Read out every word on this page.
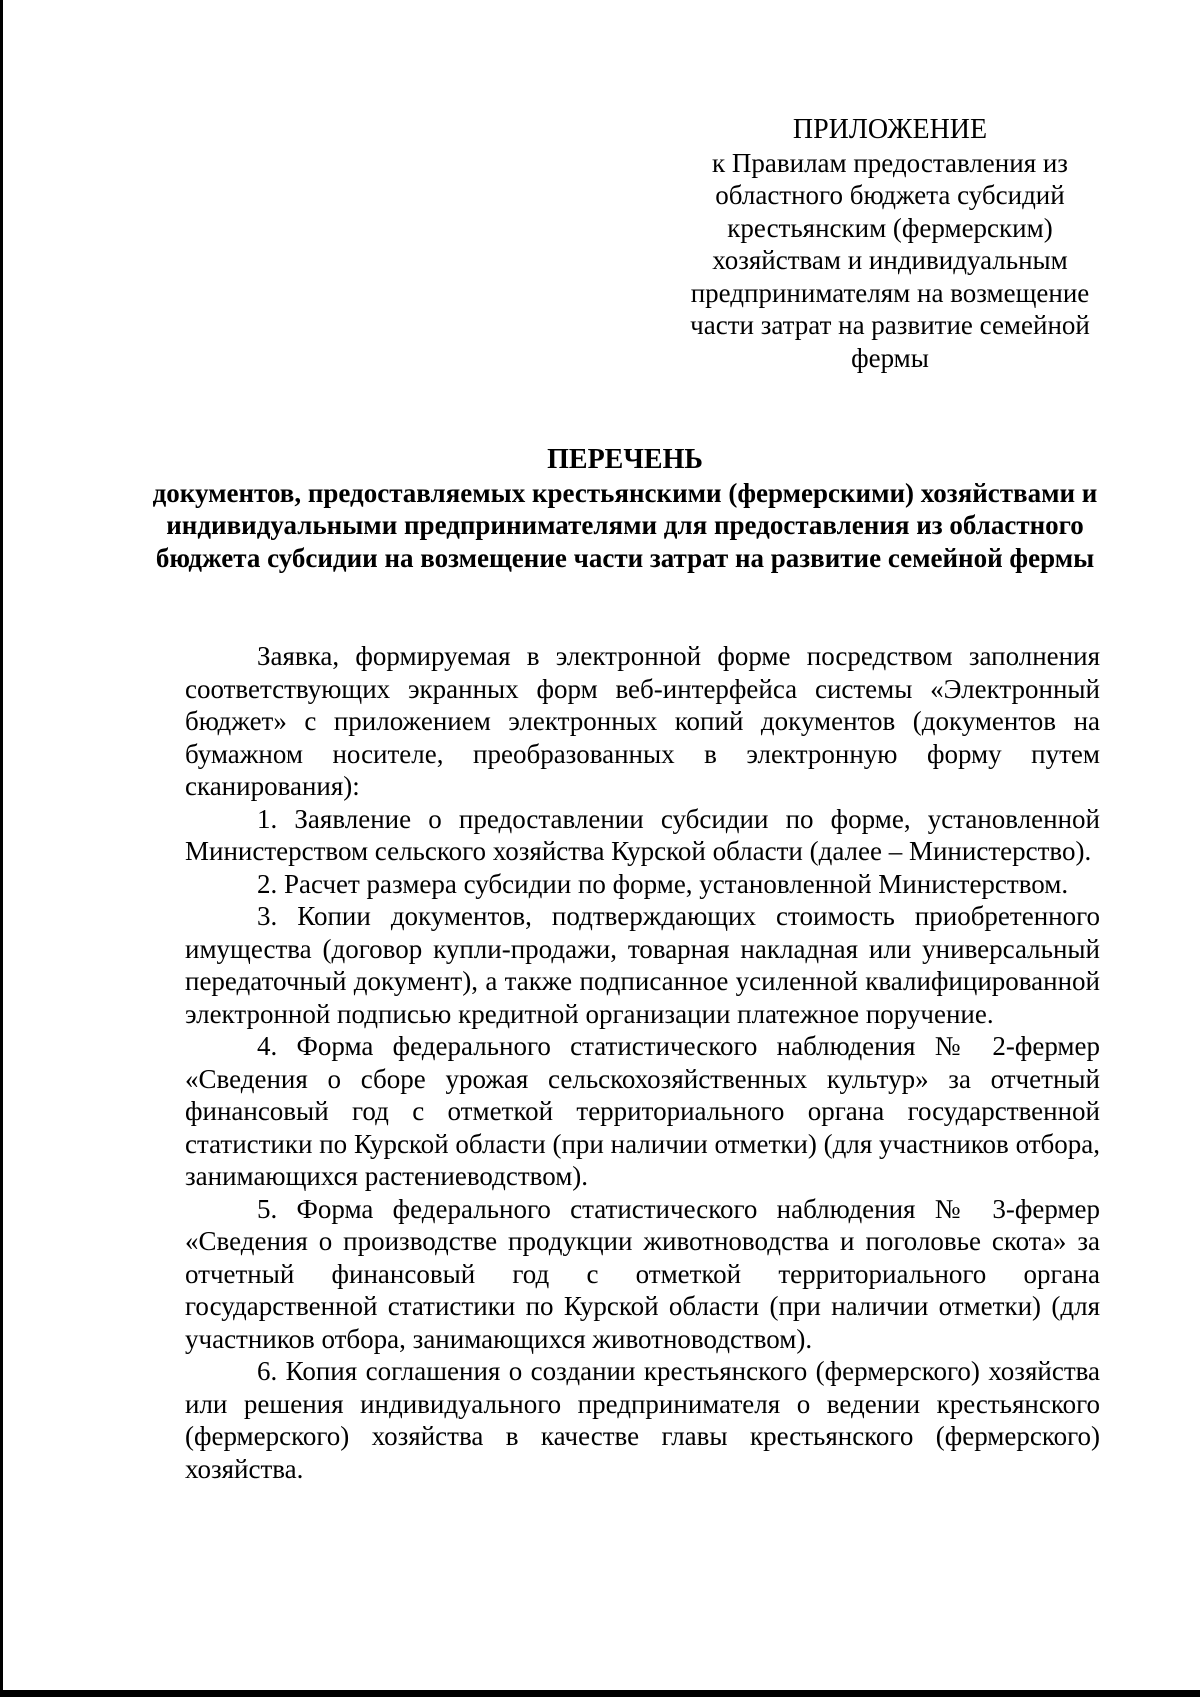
ПРИЛОЖЕНИЕ
к Правилам предоставления из областного бюджета субсидий крестьянским (фермерским) хозяйствам и индивидуальным предпринимателям на возмещение части затрат на развитие семейной фермы
ПЕРЕЧЕНЬ
документов, предоставляемых крестьянскими (фермерскими) хозяйствами и индивидуальными предпринимателями для предоставления из областного бюджета субсидии на возмещение части затрат на развитие семейной фермы

Заявка, формируемая в электронной форме посредством заполнения соответствующих экранных форм веб-интерфейса системы «Электронный бюджет» с приложением электронных копий документов (документов на бумажном носителе, преобразованных в электронную форму путем сканирования):

1. Заявление о предоставлении субсидии по форме, установленной Министерством сельского хозяйства Курской области (далее – Министерство).

2. Расчет размера субсидии по форме, установленной Министерством.

3. Копии документов, подтверждающих стоимость приобретенного имущества (договор купли-продажи, товарная накладная или универсальный передаточный документ), а также подписанное усиленной квалифицированной электронной подписью кредитной организации платежное поручение.

4. Форма федерального статистического наблюдения № 2-фермер «Сведения о сборе урожая сельскохозяйственных культур» за отчетный финансовый год с отметкой территориального органа государственной статистики по Курской области (при наличии отметки) (для участников отбора, занимающихся растениеводством).

5. Форма федерального статистического наблюдения № 3-фермер «Сведения о производстве продукции животноводства и поголовье скота» за отчетный финансовый год с отметкой территориального органа государственной статистики по Курской области (при наличии отметки) (для участников отбора, занимающихся животноводством).

6. Копия соглашения о создании крестьянского (фермерского) хозяйства или решения индивидуального предпринимателя о ведении крестьянского (фермерского) хозяйства в качестве главы крестьянского (фермерского) хозяйства.
